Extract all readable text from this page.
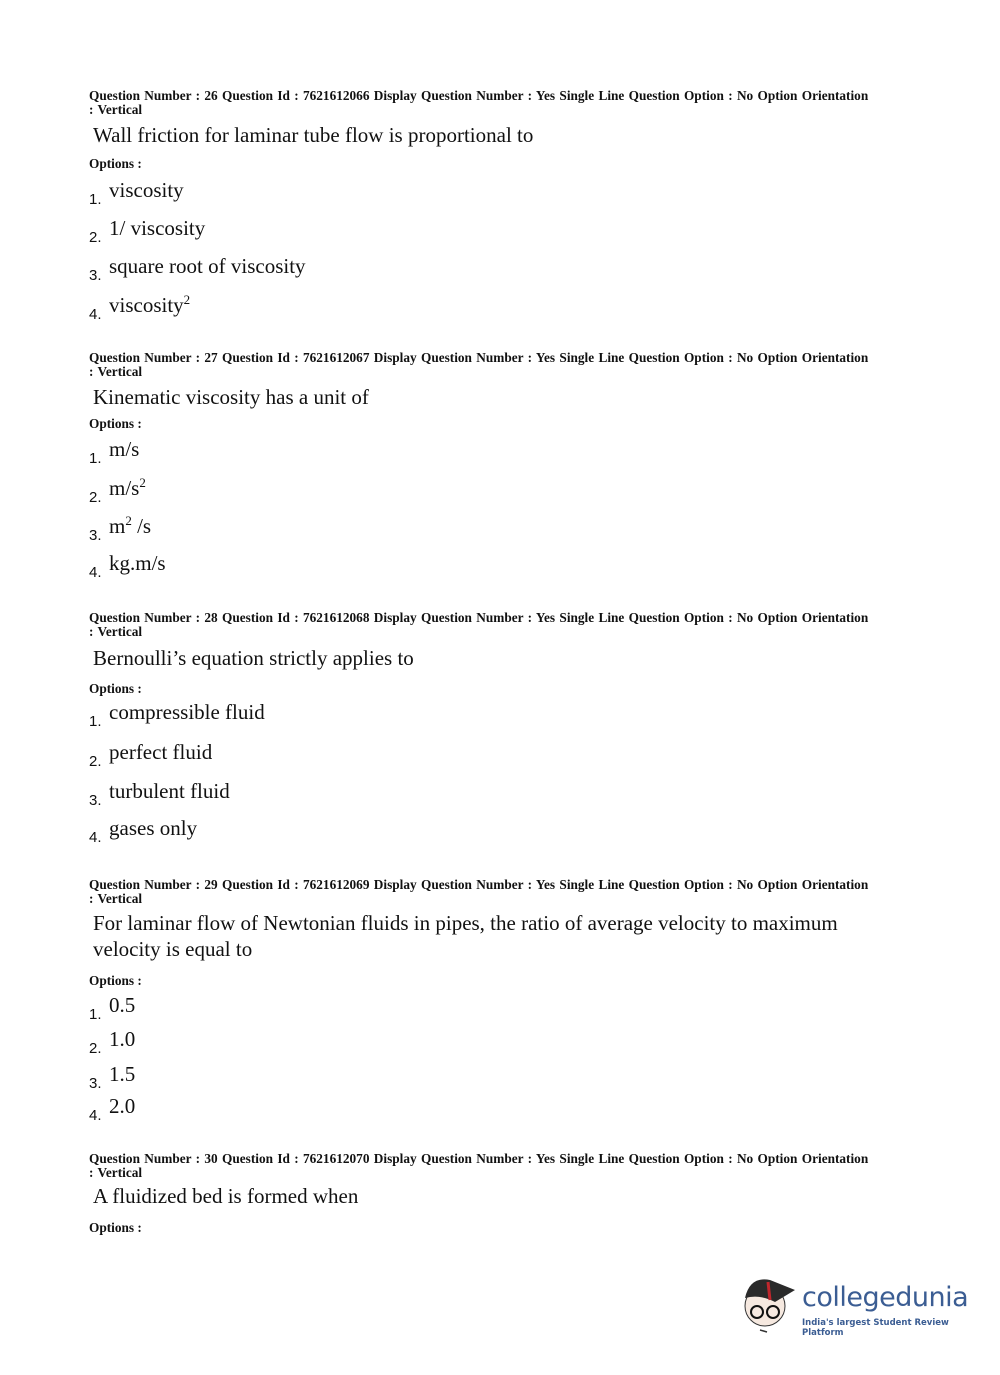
collegedunia
India's largest Student Review Platform
Question Number : 26 Question Id : 7621612066 Display Question Number : Yes Single Line Question Option : No Option Orientation : Vertical
Wall friction for laminar tube flow is proportional to
Options :
1. viscosity
2. 1/ viscosity
3. square root of viscosity
4. viscosity$^2$
Question Number : 27 Question Id : 7621612067 Display Question Number : Yes Single Line Question Option : No Option Orientation : Vertical
Kinematic viscosity has a unit of
Options :
1. m/s
2. $m/s^2$
3. $m^2$ /s
4. kg.m/s
Question Number : 28 Question Id : 7621612068 Display Question Number : Yes Single Line Question Option : No Option Orientation : Vertical
Bernoulli’s equation strictly applies to
Options :
1. compressible fluid
2. perfect fluid
3. turbulent fluid
4. gases only
Question Number : 29 Question Id : 7621612069 Display Question Number : Yes Single Line Question Option : No Option Orientation : Vertical
For laminar flow of Newtonian fluids in pipes, the ratio of average velocity to maximum velocity is equal to
Options :
1. 0.5
2. 1.0
3. 1.5
4. 2.0
Question Number : 30 Question Id : 7621612070 Display Question Number : Yes Single Line Question Option : No Option Orientation : Vertical
A fluidized bed is formed when
Options :
